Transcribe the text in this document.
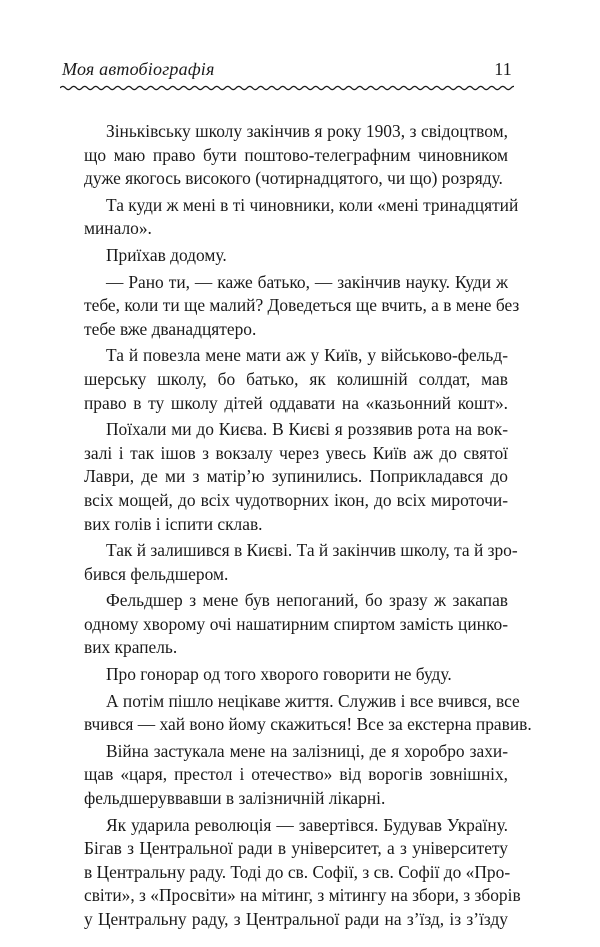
Моя автобіографія	11

Зіньківську школу закінчив я року 1903, з свідоцтвом,
що маю право бути поштово-телеграфним чиновником
дуже якогось високого (чотирнадцятого, чи що) розряду.

Та куди ж мені в ті чиновники, коли «мені тринадцятий
минало».

Приїхав додому.

— Рано ти, — каже батько, — закінчив науку. Куди ж
тебе, коли ти ще малий? Доведеться ще вчить, а в мене без
тебе вже дванадцятеро.

Та й повезла мене мати аж у Київ, у військово-фельд-
шерську школу, бо батько, як колишній солдат, мав
право в ту школу дітей оддавати на «казьонний кошт».

Поїхали ми до Києва. В Києві я роззявив рота на вок-
залі і так ішов з вокзалу через увесь Київ аж до святої
Лаври, де ми з матір’ю зупинились. Поприкладався до
всіх мощей, до всіх чудотворних ікон, до всіх мироточи-
вих голів і іспити склав.

Так й залишився в Києві. Та й закінчив школу, та й зро-
бився фельдшером.

Фельдшер з мене був непоганий, бо зразу ж закапав
одному хворому очі нашатирним спиртом замість цинко-
вих крапель.

Про гонорар од того хворого говорити не буду.

А потім пішло нецікаве життя. Служив і все вчився, все
вчився — хай воно йому скажиться! Все за екстерна правив.

Війна застукала мене на залізниці, де я хоробро захи-
щав «царя, престол і отечество» від ворогів зовнішніх,
фельдшеруввавши в залізничній лікарні.

Як ударила революція — завертівся. Будував Україну.
Бігав з Центральної ради в університет, а з університету
в Центральну раду. Тоді до св. Софії, з св. Софії до «Про-
світи», з «Просвіти» на мітинг, з мітингу на збори, з зборів
у Центральну раду, з Центральної ради на з’їзд, із з’їзду
